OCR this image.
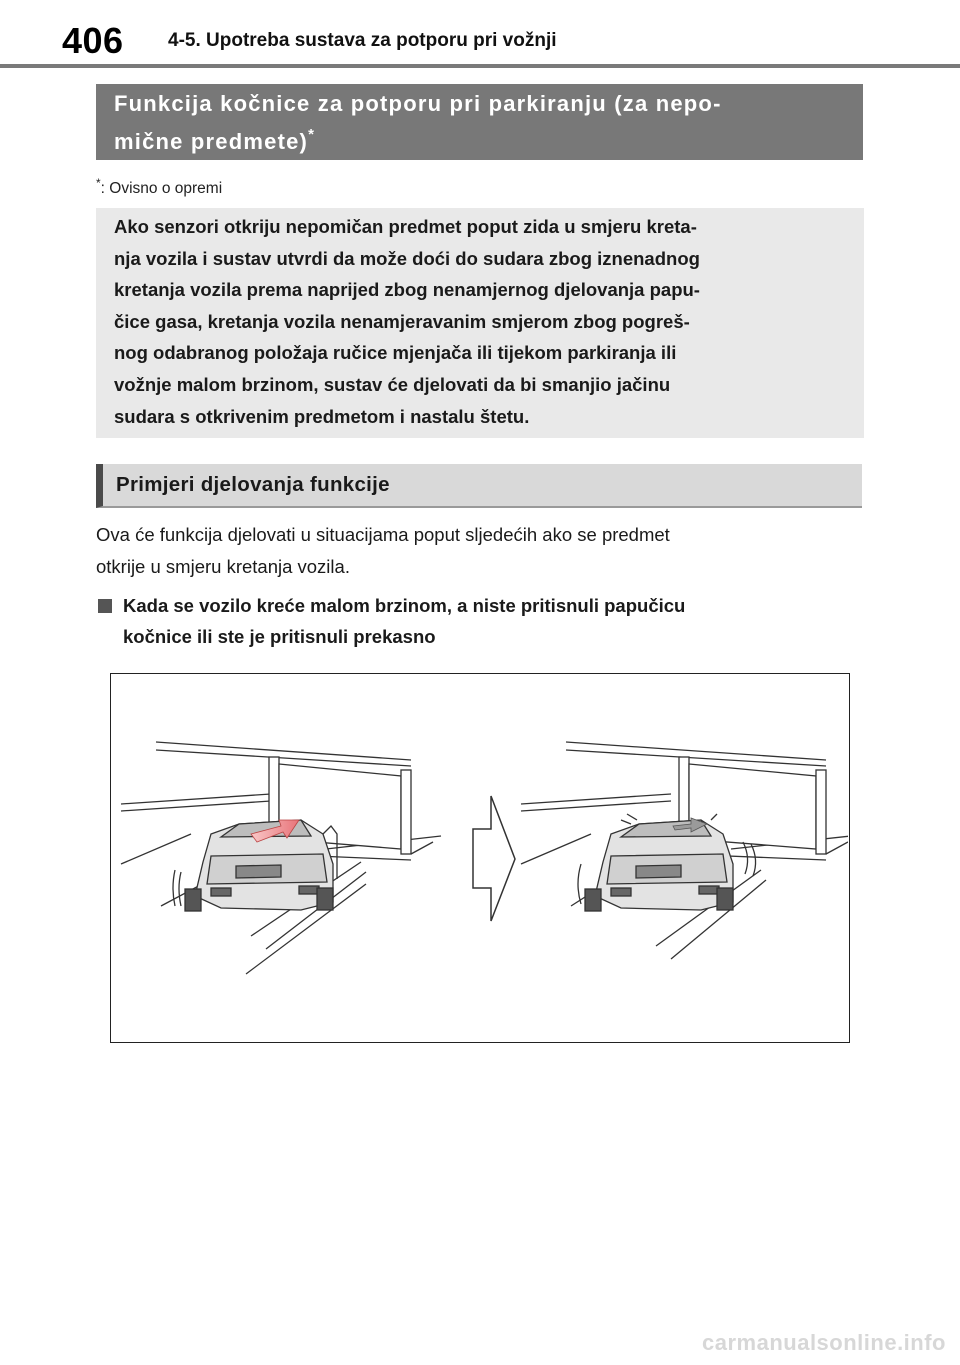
406 4-5. Upotreba sustava za potporu pri vožnji
Funkcija kočnice za potporu pri parkiranju (za nepo-
mične predmete)*
*: Ovisno o opremi

Ako senzori otkriju nepomičan predmet poput zida u smjeru kreta-

nja vozila i sustav utvrdi da može doći do sudara zbog iznenadnog

kretanja vozila prema naprijed zbog nenamjernog djelovanja papu-

čice gasa, kretanja vozila nenamjeravanim smjerom zbog pogreš-

nog odabranog položaja ručice mjenjača ili tijekom parkiranja ili

vožnje malom brzinom, sustav će djelovati da bi smanjio jačinu

sudara s otkrivenim predmetom i nastalu štetu.

Primjeri djelovanja funkcije
Ova će funkcija djelovati u situacijama poput sljedećih ako se predmet
otkrije u smjeru kretanja vozila.
Kada se vozilo kreće malom brzinom, a niste pritisnuli papučicu
kočnice ili ste je pritisnuli prekasno
carmanualsonline.info
